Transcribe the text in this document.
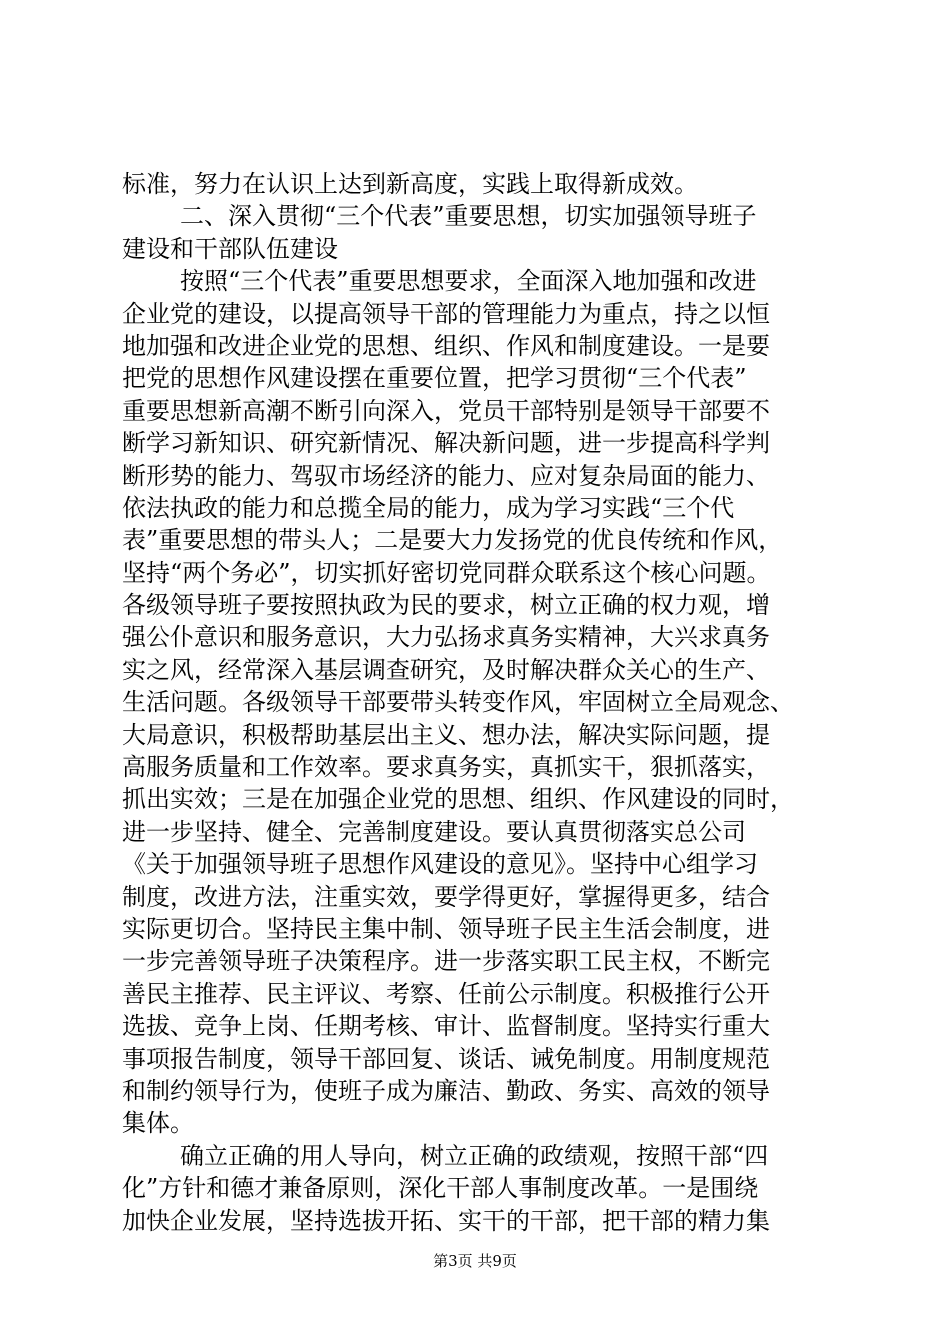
标准，努力在认识上达到新高度，实践上取得新成效。
二、深入贯彻“三个代表”重要思想，切实加强领导班子
建设和干部队伍建设
按照“三个代表”重要思想要求，全面深入地加强和改进
企业党的建设，以提高领导干部的管理能力为重点，持之以恒
地加强和改进企业党的思想、组织、作风和制度建设。一是要
把党的思想作风建设摆在重要位置，把学习贯彻“三个代表”
重要思想新高潮不断引向深入，党员干部特别是领导干部要不
断学习新知识、研究新情况、解决新问题，进一步提高科学判
断形势的能力、驾驭市场经济的能力、应对复杂局面的能力、
依法执政的能力和总揽全局的能力，成为学习实践“三个代
表”重要思想的带头人；二是要大力发扬党的优良传统和作风，
坚持“两个务必”，切实抓好密切党同群众联系这个核心问题。
各级领导班子要按照执政为民的要求，树立正确的权力观，增
强公仆意识和服务意识，大力弘扬求真务实精神，大兴求真务
实之风，经常深入基层调查研究，及时解决群众关心的生产、
生活问题。各级领导干部要带头转变作风，牢固树立全局观念、
大局意识，积极帮助基层出主义、想办法，解决实际问题，提
高服务质量和工作效率。要求真务实，真抓实干，狠抓落实，
抓出实效；三是在加强企业党的思想、组织、作风建设的同时，
进一步坚持、健全、完善制度建设。要认真贯彻落实总公司
《关于加强领导班子思想作风建设的意见》。坚持中心组学习
制度，改进方法，注重实效，要学得更好，掌握得更多，结合
实际更切合。坚持民主集中制、领导班子民主生活会制度，进
一步完善领导班子决策程序。进一步落实职工民主权，不断完
善民主推荐、民主评议、考察、任前公示制度。积极推行公开
选拔、竞争上岗、任期考核、审计、监督制度。坚持实行重大
事项报告制度，领导干部回复、谈话、诫免制度。用制度规范
和制约领导行为，使班子成为廉洁、勤政、务实、高效的领导
集体。
确立正确的用人导向，树立正确的政绩观，按照干部“四
化”方针和德才兼备原则，深化干部人事制度改革。一是围绕
加快企业发展，坚持选拔开拓、实干的干部，把干部的精力集
第3页 共9页
